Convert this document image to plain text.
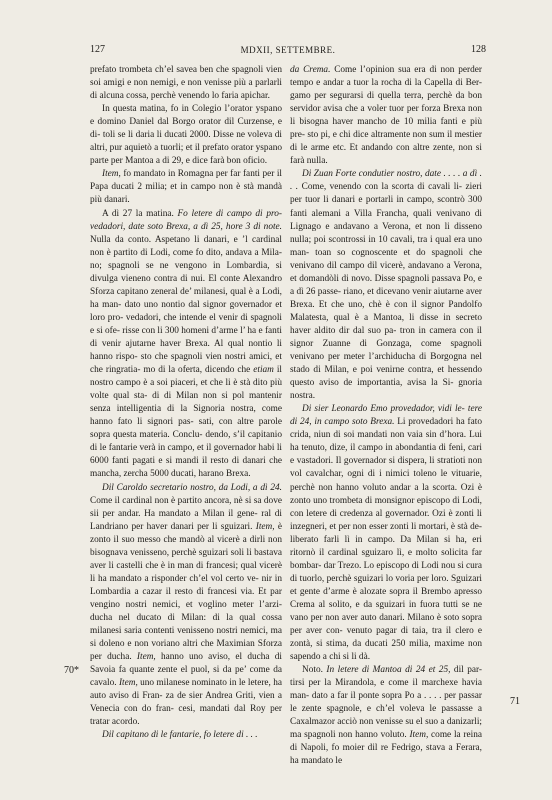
127	MDXII, SETTEMBRE.	128
70*
71

prefato trombeta ch’el savea ben che spagnoli vien soi amigi e non nemigi, e non venisse più a parlarli di alcuna cossa, perchè venendo lo faria apichar.

In questa matina, fo in Colegio l’orator yspano e domino Daniel dal Borgo orator dil Curzense, e di- toli se li daria li ducati 2000. Disse ne voleva di altri, pur aquietò a tuorli; et il prefato orator yspano parte per Mantoa a di 29, e dice farà bon oficio.

Item, fo mandato in Romagna per far fanti per il Papa ducati 2 milia; et in campo non è stà mandà più danari.

A dì 27 la matina. Fo letere di campo di pro- vedadori, date soto Brexa, a dì 25, hore 3 di note. Nulla da conto. Aspetano li danari, e ’l cardinal non è partito di Lodi, come fo dito, andava a Mila- no; spagnoli se ne vengono in Lombardia, si divulga vieneno contra di nui. El conte Alexandro Sforza capitano zeneral de’ milanesi, qual è a Lodi, ha man- dato uno nontio dal signor governador et loro pro- vedadori, che intende el venir di spagnoli e si ofe- risse con li 300 homeni d’arme l’ ha e fanti di venir ajutarne haver Brexa. Al qual nontio li hanno rispo- sto che spagnoli vien nostri amici, et che ringratia- mo di la oferta, dicendo che etiam il nostro campo è a soi piaceri, et che li è stà dito più volte qual sta- di di Milan non si pol mantenir senza intelligentia di la Signoria nostra, come hanno fato li signori pas- sati, con altre parole sopra questa materia. Conclu- dendo, s’il capitanio di le fantarie verà in campo, et il governador habi li 6000 fanti pagati e si mandi il resto di danari che mancha, zercha 5000 ducati, harano Brexa.

Dil Caroldo secretario nostro, da Lodi, a dì 24. Come il cardinal non è partito ancora, nè si sa dove sii per andar. Ha mandato a Milan il gene- ral di Landriano per haver danari per li sguizari. Item, è zonto il suo messo che mandò al vicerè a dirli non bisognava venisseno, perchè sguizari soli li bastava aver li castelli che è in man di francesi; qual vicerè li ha mandato a risponder ch’el vol certo ve- nir in Lombardia a cazar il resto di francesi via. Et par vengino nostri nemici, et voglino meter l’arzi- ducha nel ducato di Milan: di la qual cossa milanesi saria contenti venisseno nostri nemici, ma si doleno e non voriano altri che Maximian Sforza per ducha. Item, hanno uno aviso, el ducha di Savoia fa quante zente el puol, si da pe’ come da cavalo. Item, uno milanese nominato in le letere, ha auto aviso di Fran- za de sier Andrea Griti, vien a Venecia con do fran- cesi, mandati dal Roy per tratar acordo.

Dil capitano di le fantarie, fo letere di . . .

da Crema. Come l’opinion sua era di non perder tempo e andar a tuor la rocha di la Capella di Ber- gamo per segurarsi di quella terra, perchè da bon servidor avisa che a voler tuor per forza Brexa non li bisogna haver mancho de 10 milia fanti e più pre- sto pi, e chi dice altramente non sum il mestier di le arme etc. Et andando con altre zente, non si farà nulla.

Di Zuan Forte condutier nostro, date . . . . a dì . . . Come, venendo con la scorta di cavali li- zieri per tuor li danari e portarli in campo, scontrò 300 fanti alemani a Villa Francha, quali venivano di Lignago e andavano a Verona, et non li disseno nulla; poi scontrossi in 10 cavali, tra i qual era uno man- toan so cognoscente et do spagnoli che venivano dil campo dil vicerè, andavano a Verona, et domandòli di novo. Disse spagnoli passava Po, e a dì 26 passe- riano, et dicevano venir aiutarne aver Brexa. Et che uno, chè è con il signor Pandolfo Malatesta, qual è a Mantoa, li disse in secreto haver aldito dir dal suo pa- tron in camera con il signor Zuanne di Gonzaga, come spagnoli venivano per meter l’archiducha di Borgogna nel stado di Milan, e poi venirne contra, et hessendo questo aviso de importantia, avisa la Si- gnoria nostra.

Di sier Leonardo Emo provedador, vidi le- tere di 24, in campo soto Brexa. Li provedadori ha fato crida, niun di soi mandati non vaia sin d’hora. Lui ha tenuto, dize, il campo in abondantia di feni, cari e vastadori. Il governador si dispera, li stratioti non vol cavalchar, ogni di i nimici toleno le vituarie, perchè non hanno voluto andar a la scorta. Ozi è zonto uno trombeta di monsignor episcopo di Lodi, con letere di credenza al governador. Ozi è zonti li inzegneri, et per non esser zonti li mortari, è stà de- liberato farli lì in campo. Da Milan si ha, eri ritornò il cardinal sguizaro lì, e molto solicita far bombar- dar Trezo. Lo episcopo di Lodi nou si cura di tuorlo, perchè sguizari lo voria per loro. Sguizari et gente d’arme è alozate sopra il Brembo apresso Crema al solito, e da sguizari in fuora tutti se ne vano per non aver auto danari. Milano è soto sopra per aver con- venuto pagar di taia, tra il clero e zontà, si stima, da ducati 250 milia, maxime non sapendo a chi si li dà.

Noto. In letere di Mantoa di 24 et 25, dil par- tirsi per la Mirandola, e come il marchexe havia man- dato a far il ponte sopra Po a . . . . per passar le zente spagnole, e ch’el voleva le passasse a Caxalmazor acciò non venisse su el suo a danizarli; ma spagnoli non hanno voluto. Item, come la reina di Napoli, fo moier dil re Fedrigo, stava a Ferara, ha mandato le
